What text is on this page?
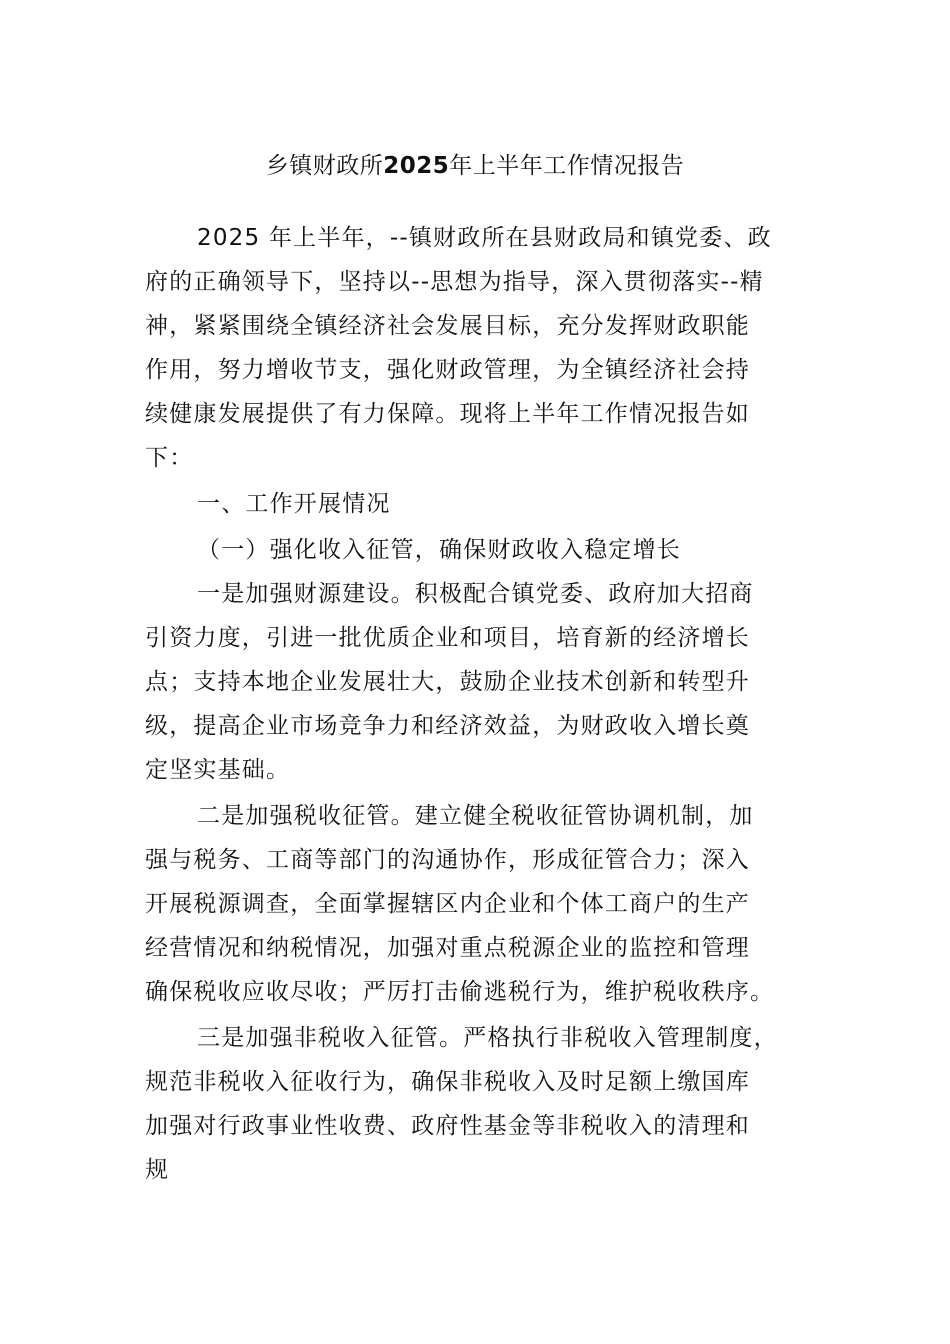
乡镇财政所2025年上半年工作情况报告
2025 年上半年，--镇财政所在县财政局和镇党委、政
府的正确领导下，坚持以--思想为指导，深入贯彻落实--精
神，紧紧围绕全镇经济社会发展目标，充分发挥财政职能
作用，努力增收节支，强化财政管理，为全镇经济社会持
续健康发展提供了有力保障。现将上半年工作情况报告如
下：
一、工作开展情况
（一）强化收入征管，确保财政收入稳定增长
一是加强财源建设。积极配合镇党委、政府加大招商
引资力度，引进一批优质企业和项目，培育新的经济增长
点；支持本地企业发展壮大，鼓励企业技术创新和转型升
级，提高企业市场竞争力和经济效益，为财政收入增长奠
定坚实基础。
二是加强税收征管。建立健全税收征管协调机制，加
强与税务、工商等部门的沟通协作，形成征管合力；深入
开展税源调查，全面掌握辖区内企业和个体工商户的生产
经营情况和纳税情况，加强对重点税源企业的监控和管理
确保税收应收尽收；严厉打击偷逃税行为，维护税收秩序。
三是加强非税收入征管。严格执行非税收入管理制度，
规范非税收入征收行为，确保非税收入及时足额上缴国库
加强对行政事业性收费、政府性基金等非税收入的清理和
规
